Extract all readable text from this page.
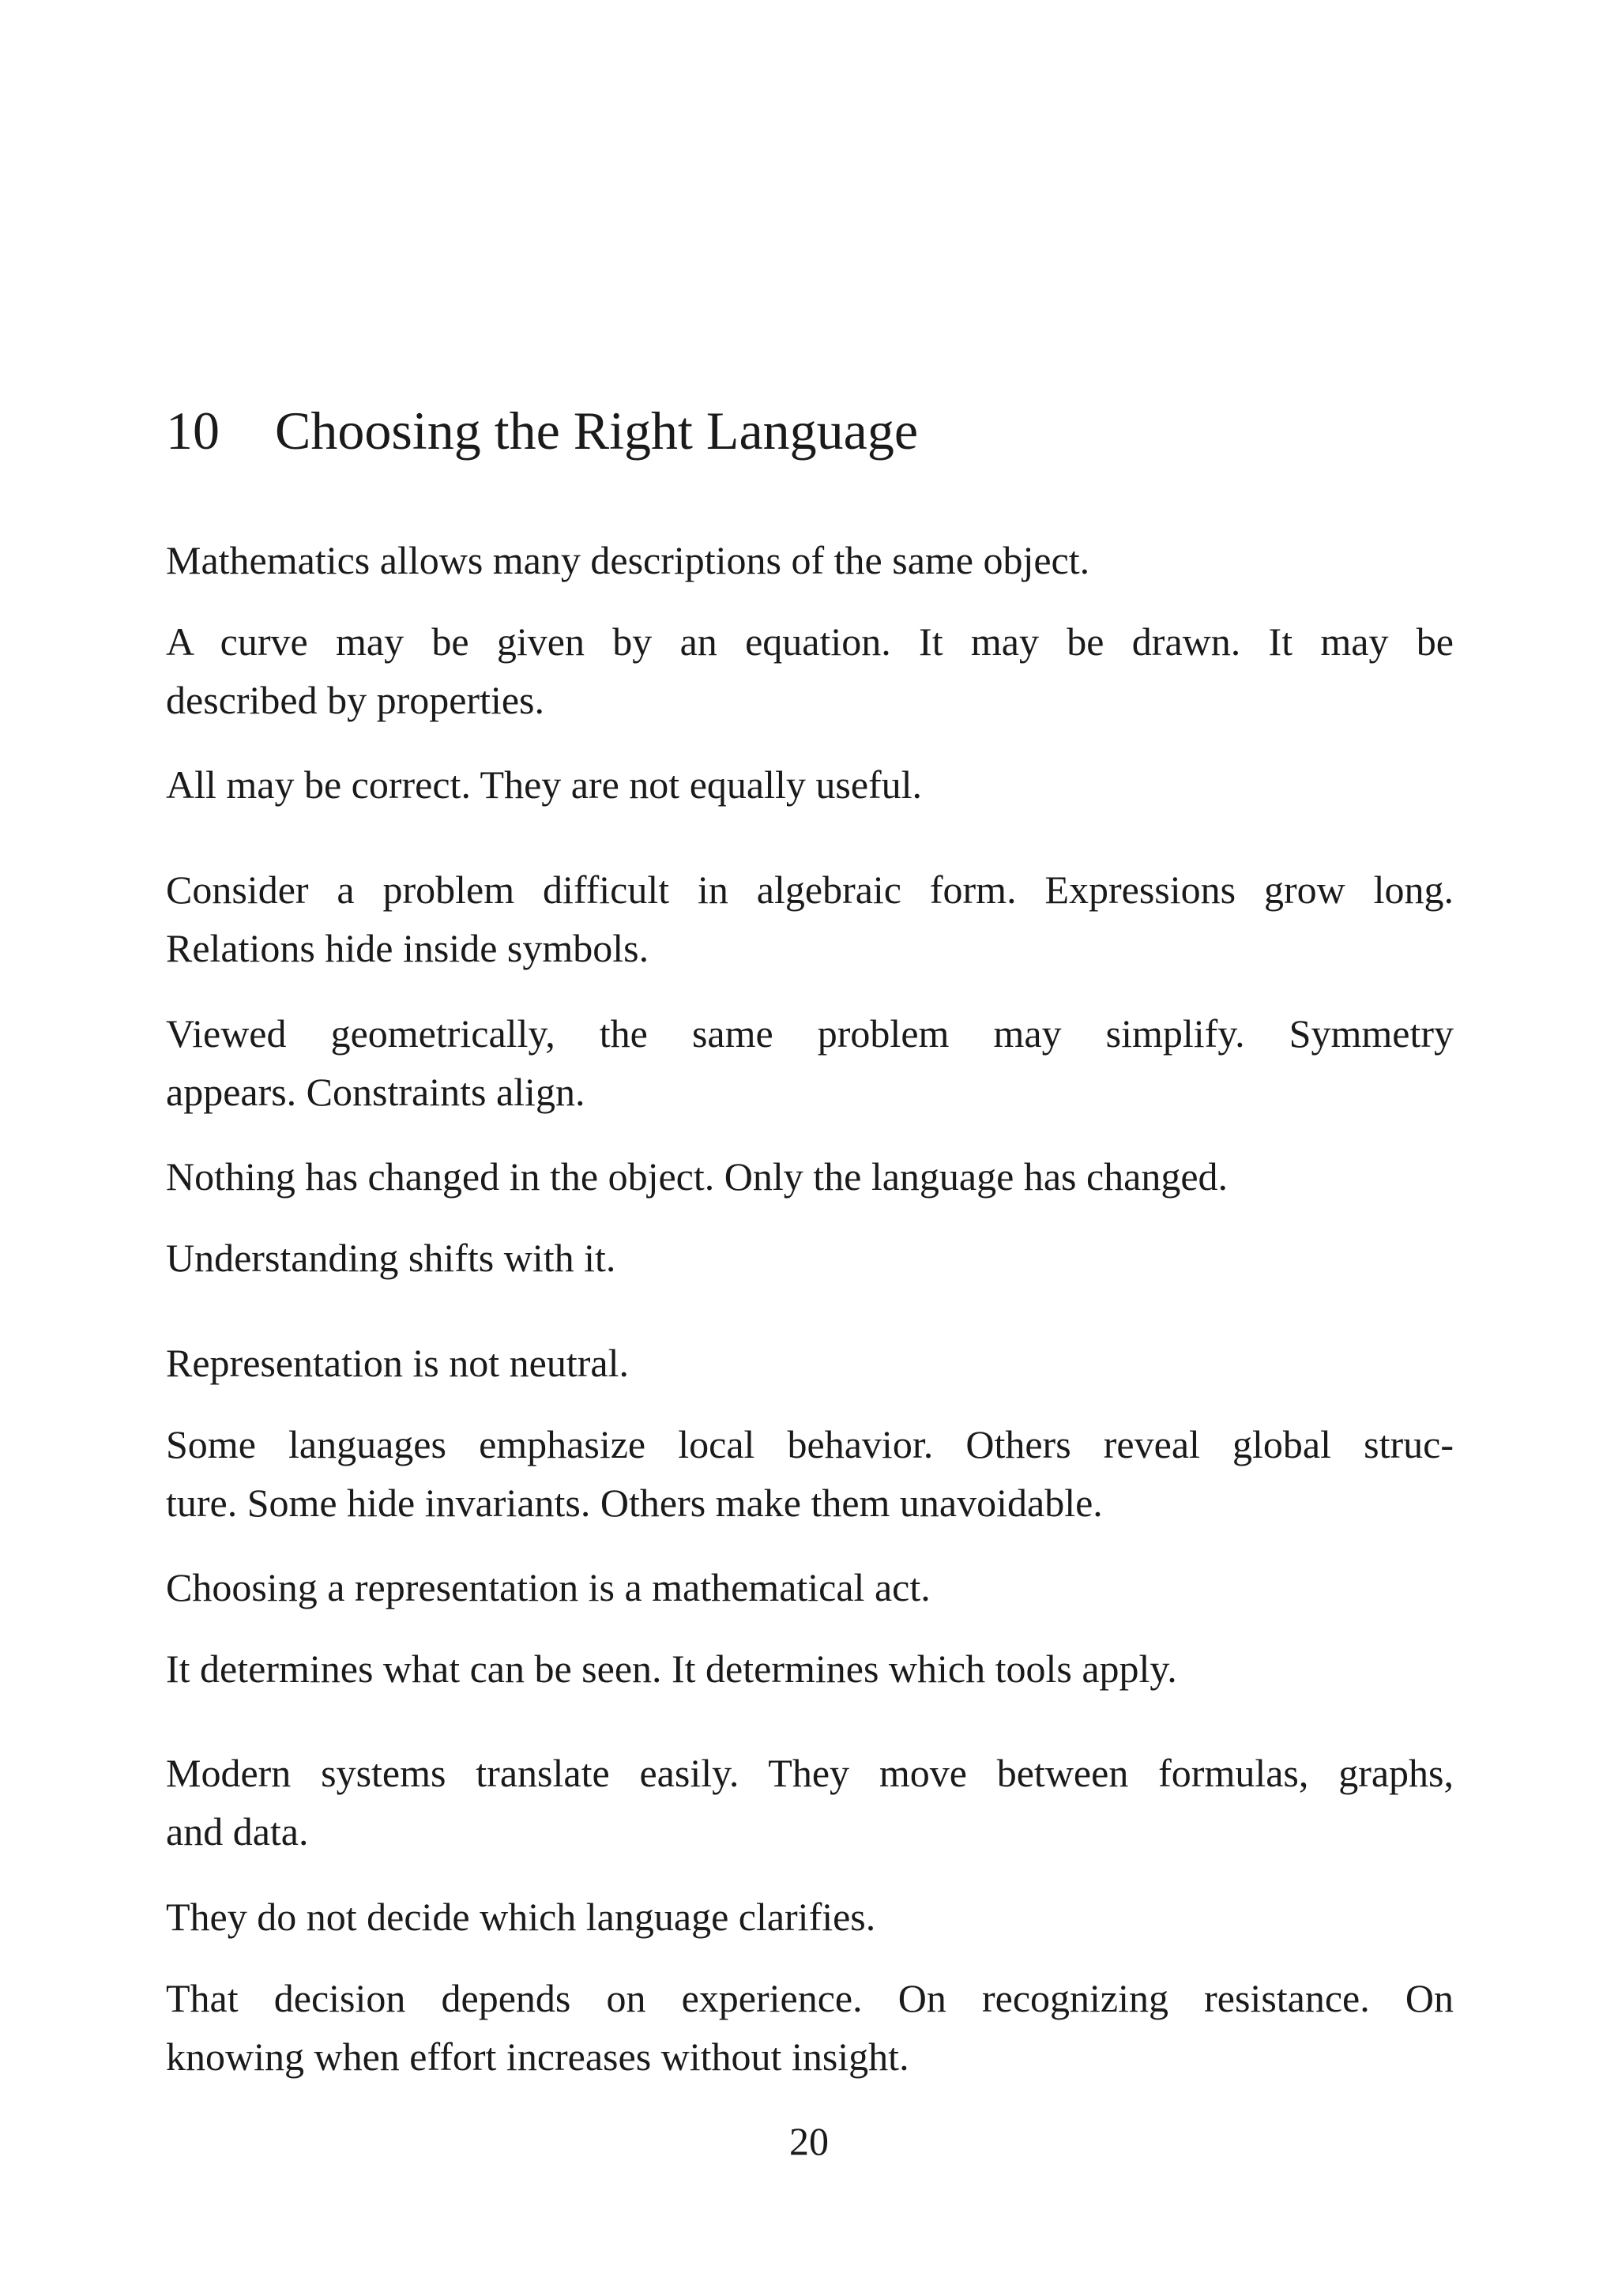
10 Choosing the Right Language

Mathematics allows many descriptions of the same object.

A curve may be given by an equation. It may be drawn. It may be
described by properties.

All may be correct. They are not equally useful.

Consider a problem difficult in algebraic form. Expressions grow long.
Relations hide inside symbols.

Viewed geometrically, the same problem may simplify. Symmetry
appears. Constraints align.

Nothing has changed in the object. Only the language has changed.

Understanding shifts with it.

Representation is not neutral.

Some languages emphasize local behavior. Others reveal global struc-
ture. Some hide invariants. Others make them unavoidable.

Choosing a representation is a mathematical act.

It determines what can be seen. It determines which tools apply.

Modern systems translate easily. They move between formulas, graphs,
and data.

They do not decide which language clarifies.

That decision depends on experience. On recognizing resistance. On
knowing when effort increases without insight.

20
